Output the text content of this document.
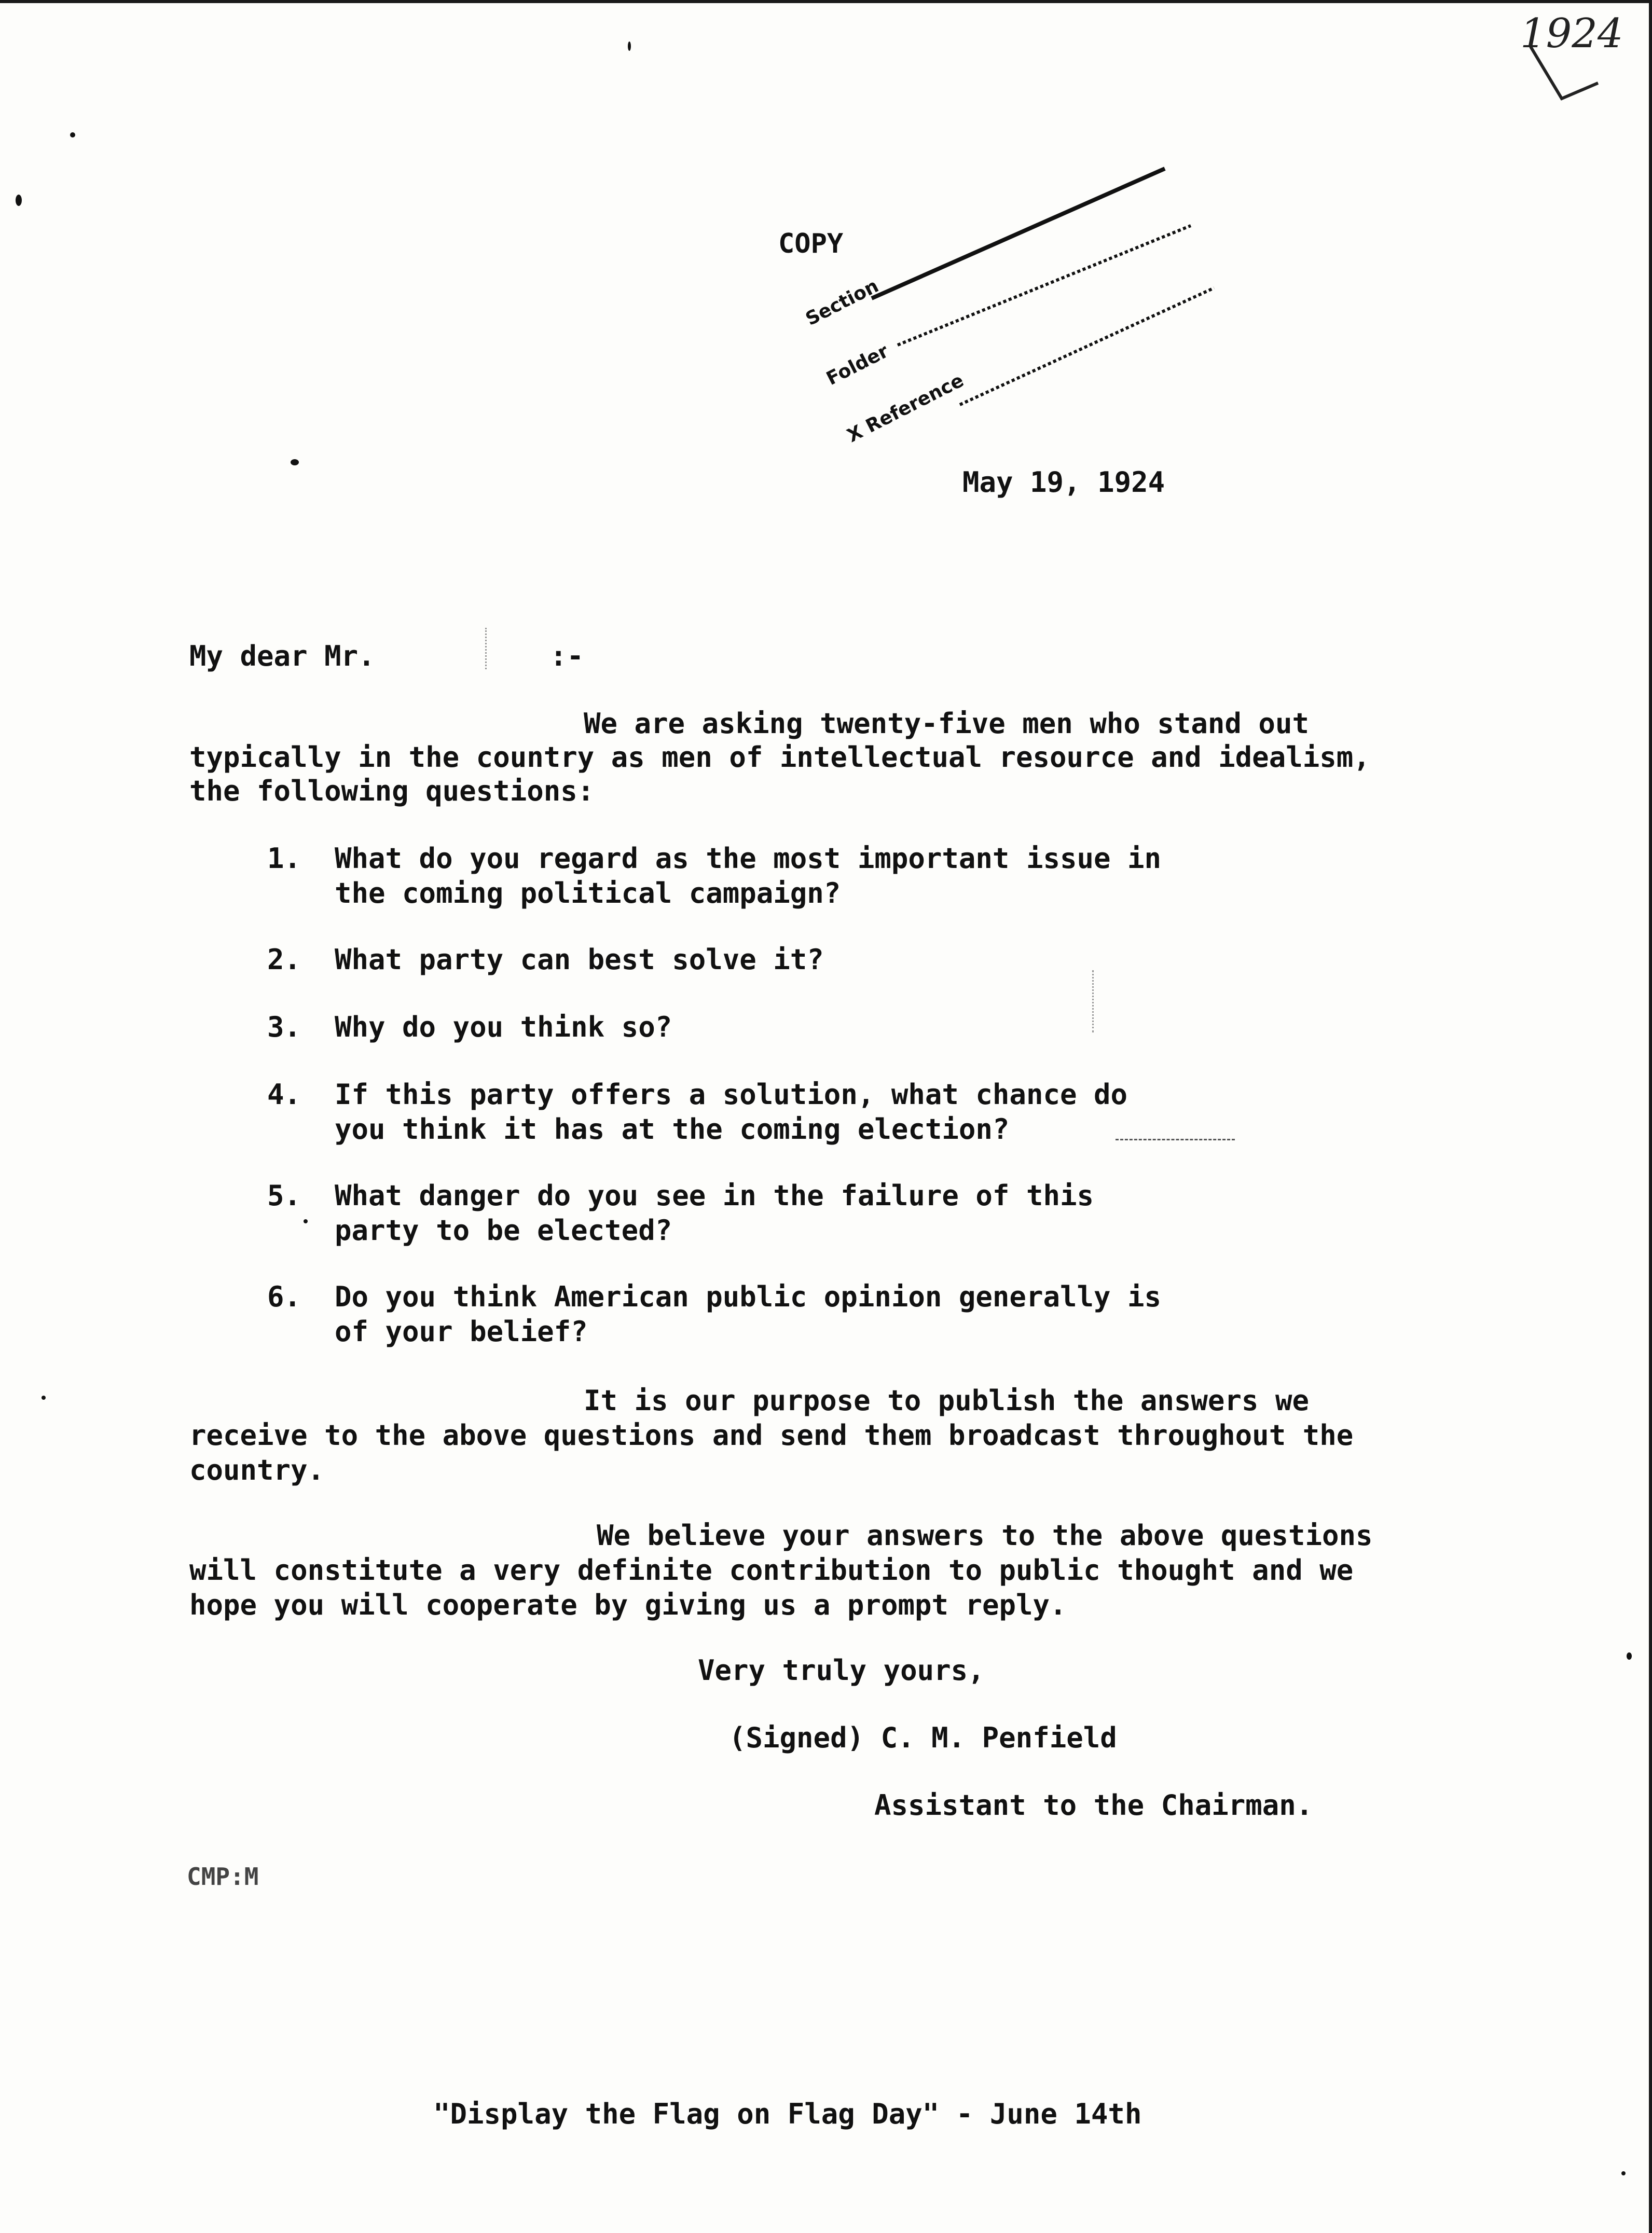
1924
COPY
Section
Folder
X Reference
May 19, 1924
My dear Mr.	:-
We are asking twenty-five men who stand out
typically in the country as men of intellectual resource and idealism,
the following questions:
1. What do you regard as the most important issue in
the coming political campaign?
2. What party can best solve it?
3. Why do you think so?
4. If this party offers a solution, what chance do
you think it has at the coming election?
5. What danger do you see in the failure of this
party to be elected?
6. Do you think American public opinion generally is
of your belief?
It is our purpose to publish the answers we
receive to the above questions and send them broadcast throughout the
country.
We believe your answers to the above questions
will constitute a very definite contribution to public thought and we
hope you will cooperate by giving us a prompt reply.
Very truly yours,
(Signed) C. M. Penfield
Assistant to the Chairman.
CMP:M
"Display the Flag on Flag Day" - June 14th
